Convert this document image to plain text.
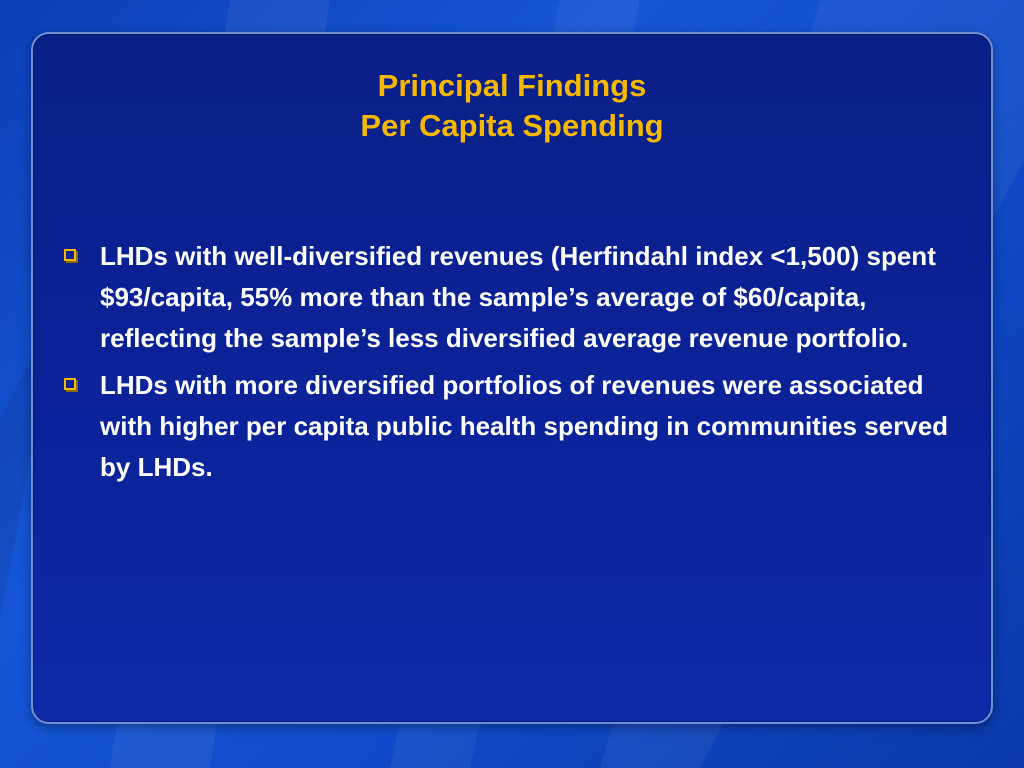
Principal Findings
Per Capita Spending
LHDs with well-diversified revenues (Herfindahl index <1,500) spent $93/capita, 55% more than the sample’s average of $60/capita, reflecting the sample’s less diversified average revenue portfolio.
LHDs with more diversified portfolios of revenues were associated with higher per capita public health spending in communities served by LHDs.
